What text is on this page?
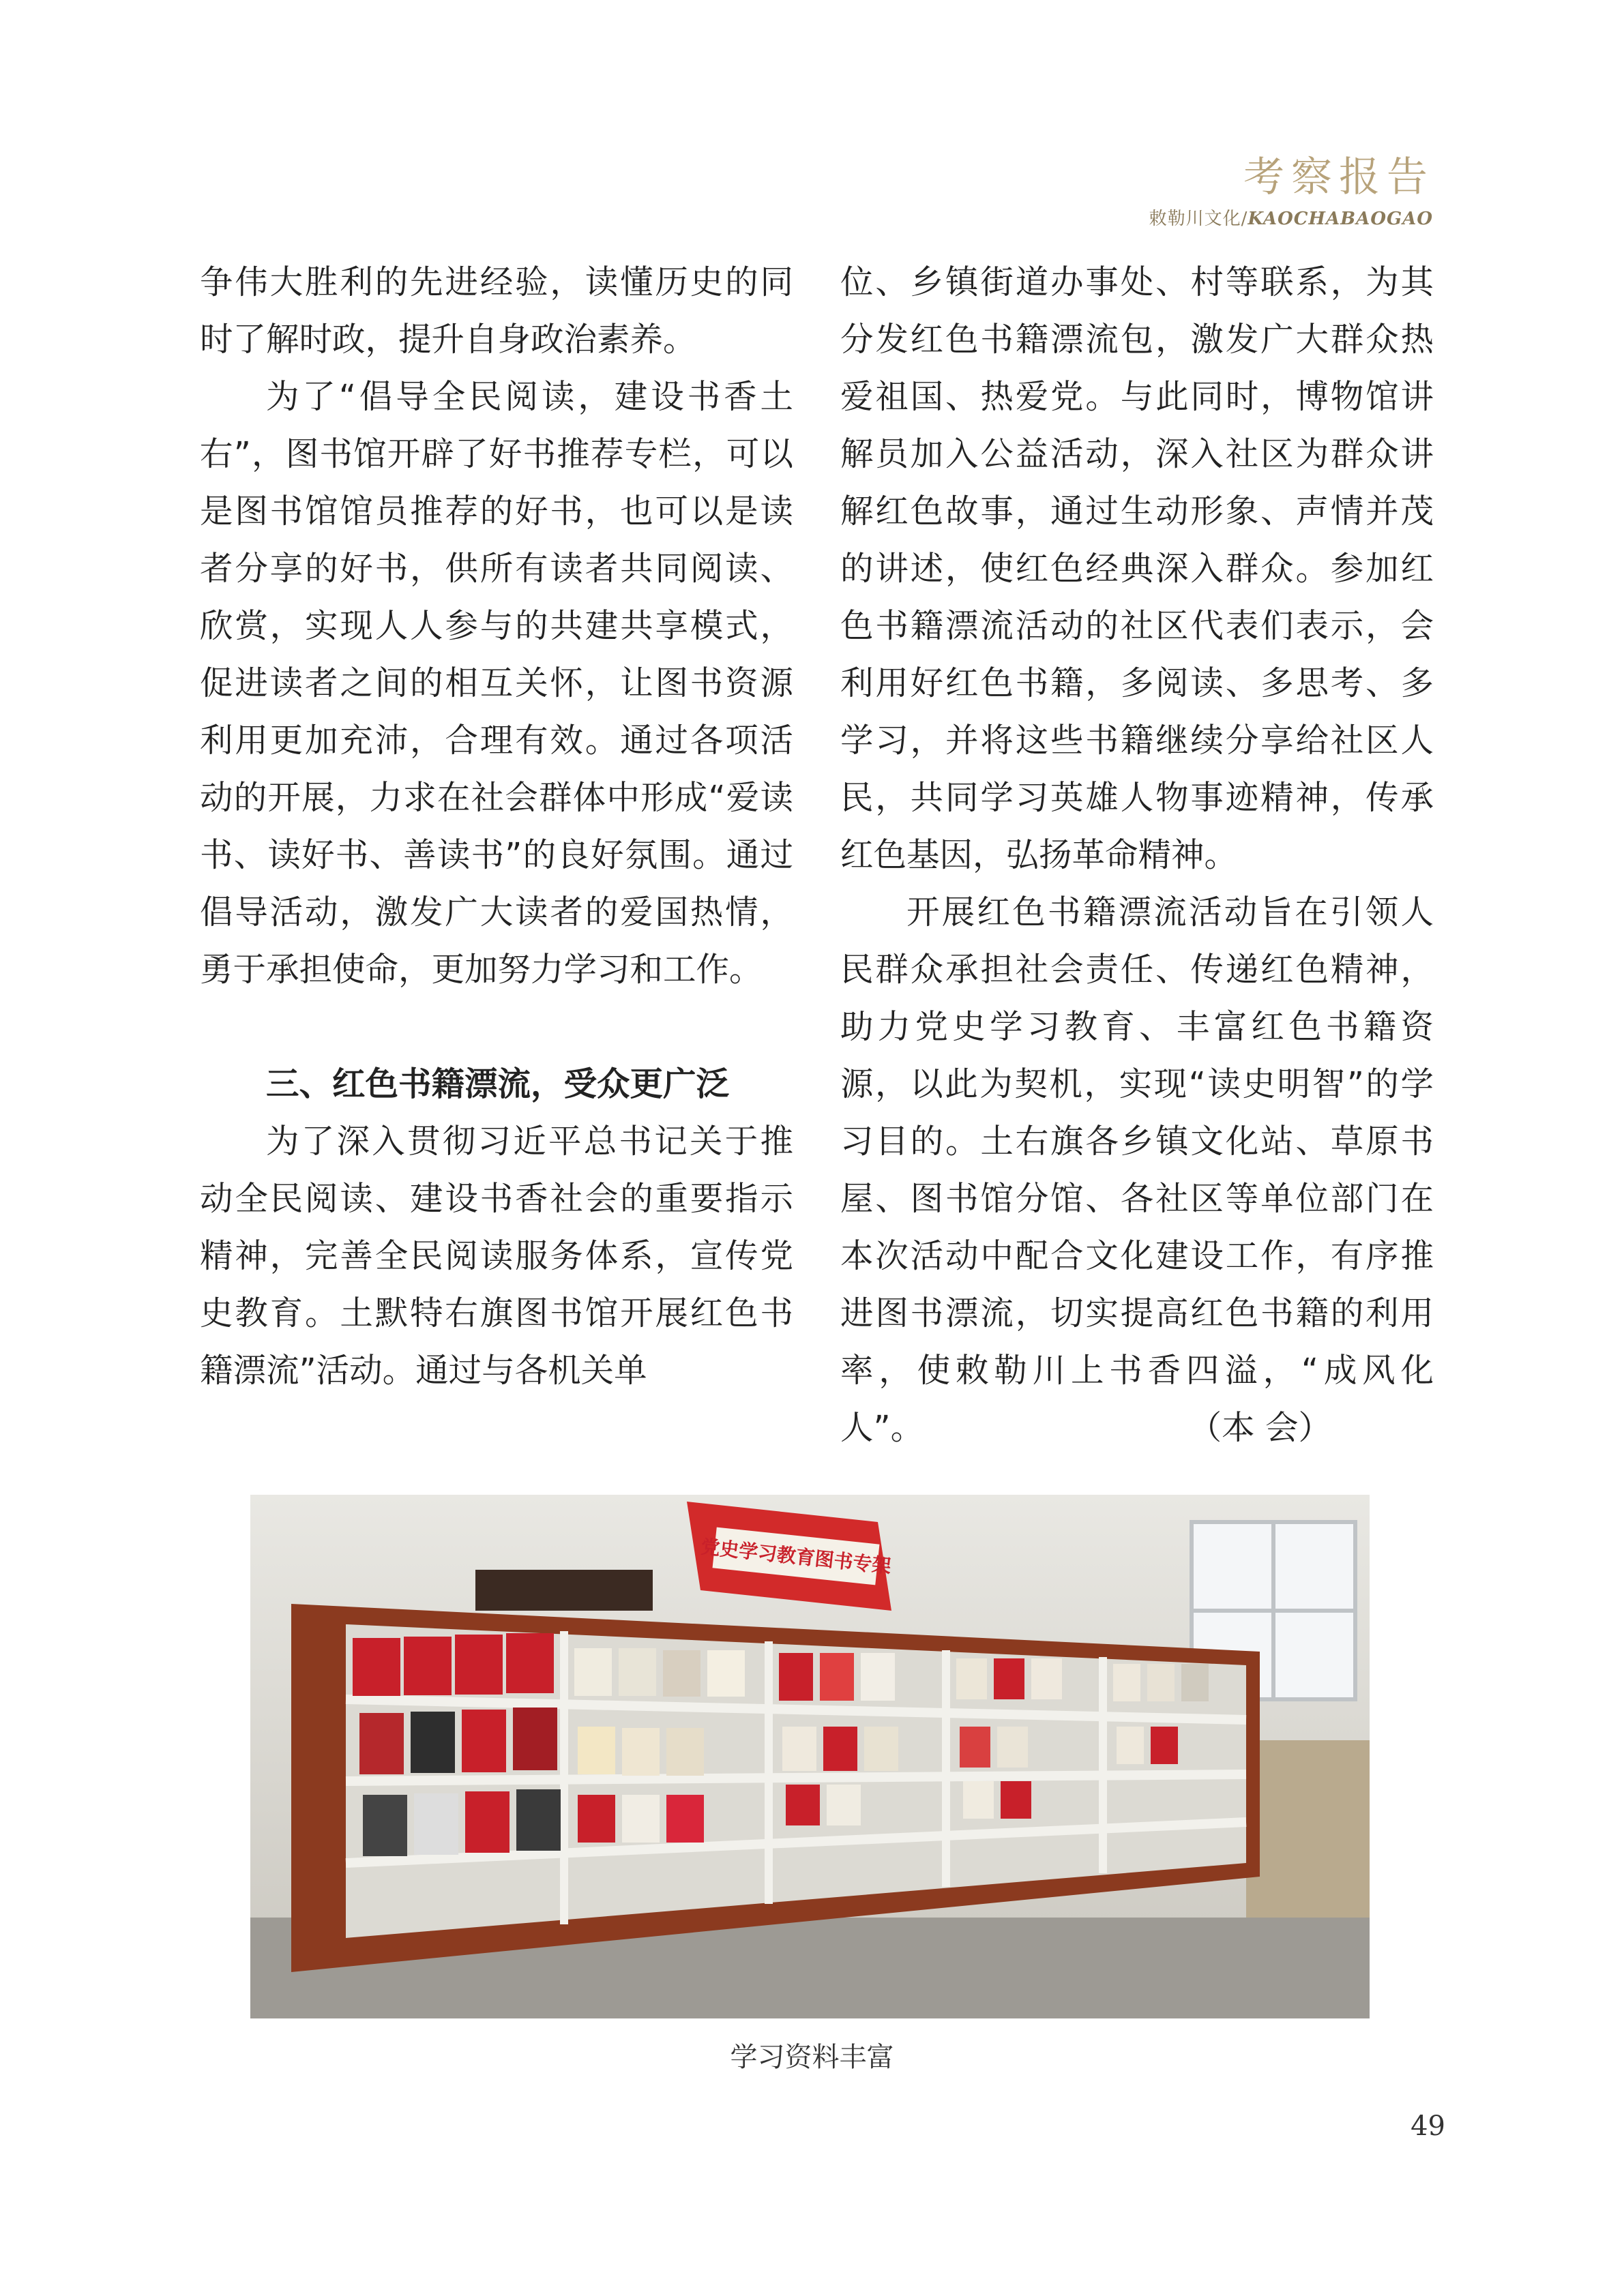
考察报告
敕勒川文化/KAOCHABAOGAO

争伟大胜利的先进经验，读懂历史的同时了解时政，提升自身政治素养。

为了“倡导全民阅读，建设书香土右”，图书馆开辟了好书推荐专栏，可以是图书馆馆员推荐的好书，也可以是读者分享的好书，供所有读者共同阅读、欣赏，实现人人参与的共建共享模式，促进读者之间的相互关怀，让图书资源利用更加充沛，合理有效。通过各项活动的开展，力求在社会群体中形成“爱读书、读好书、善读书”的良好氛围。通过倡导活动，激发广大读者的爱国热情，勇于承担使命，更加努力学习和工作。

三、红色书籍漂流，受众更广泛

为了深入贯彻习近平总书记关于推动全民阅读、建设书香社会的重要指示精神，完善全民阅读服务体系，宣传党史教育。土默特右旗图书馆开展红色书籍漂流”活动。通过与各机关单

位、乡镇街道办事处、村等联系，为其分发红色书籍漂流包，激发广大群众热爱祖国、热爱党。与此同时，博物馆讲解员加入公益活动，深入社区为群众讲解红色故事，通过生动形象、声情并茂的讲述，使红色经典深入群众。参加红色书籍漂流活动的社区代表们表示，会利用好红色书籍，多阅读、多思考、多学习，并将这些书籍继续分享给社区人民，共同学习英雄人物事迹精神，传承红色基因，弘扬革命精神。

开展红色书籍漂流活动旨在引领人民群众承担社会责任、传递红色精神，助力党史学习教育、丰富红色书籍资源，以此为契机，实现“读史明智”的学习目的。土右旗各乡镇文化站、草原书屋、图书馆分馆、各社区等单位部门在本次活动中配合文化建设工作，有序推进图书漂流，切实提高红色书籍的利用率，使敕勒川上书香四溢，“成风化人”。	（本 会）

党史学习教育图书专架
学习资料丰富
49
